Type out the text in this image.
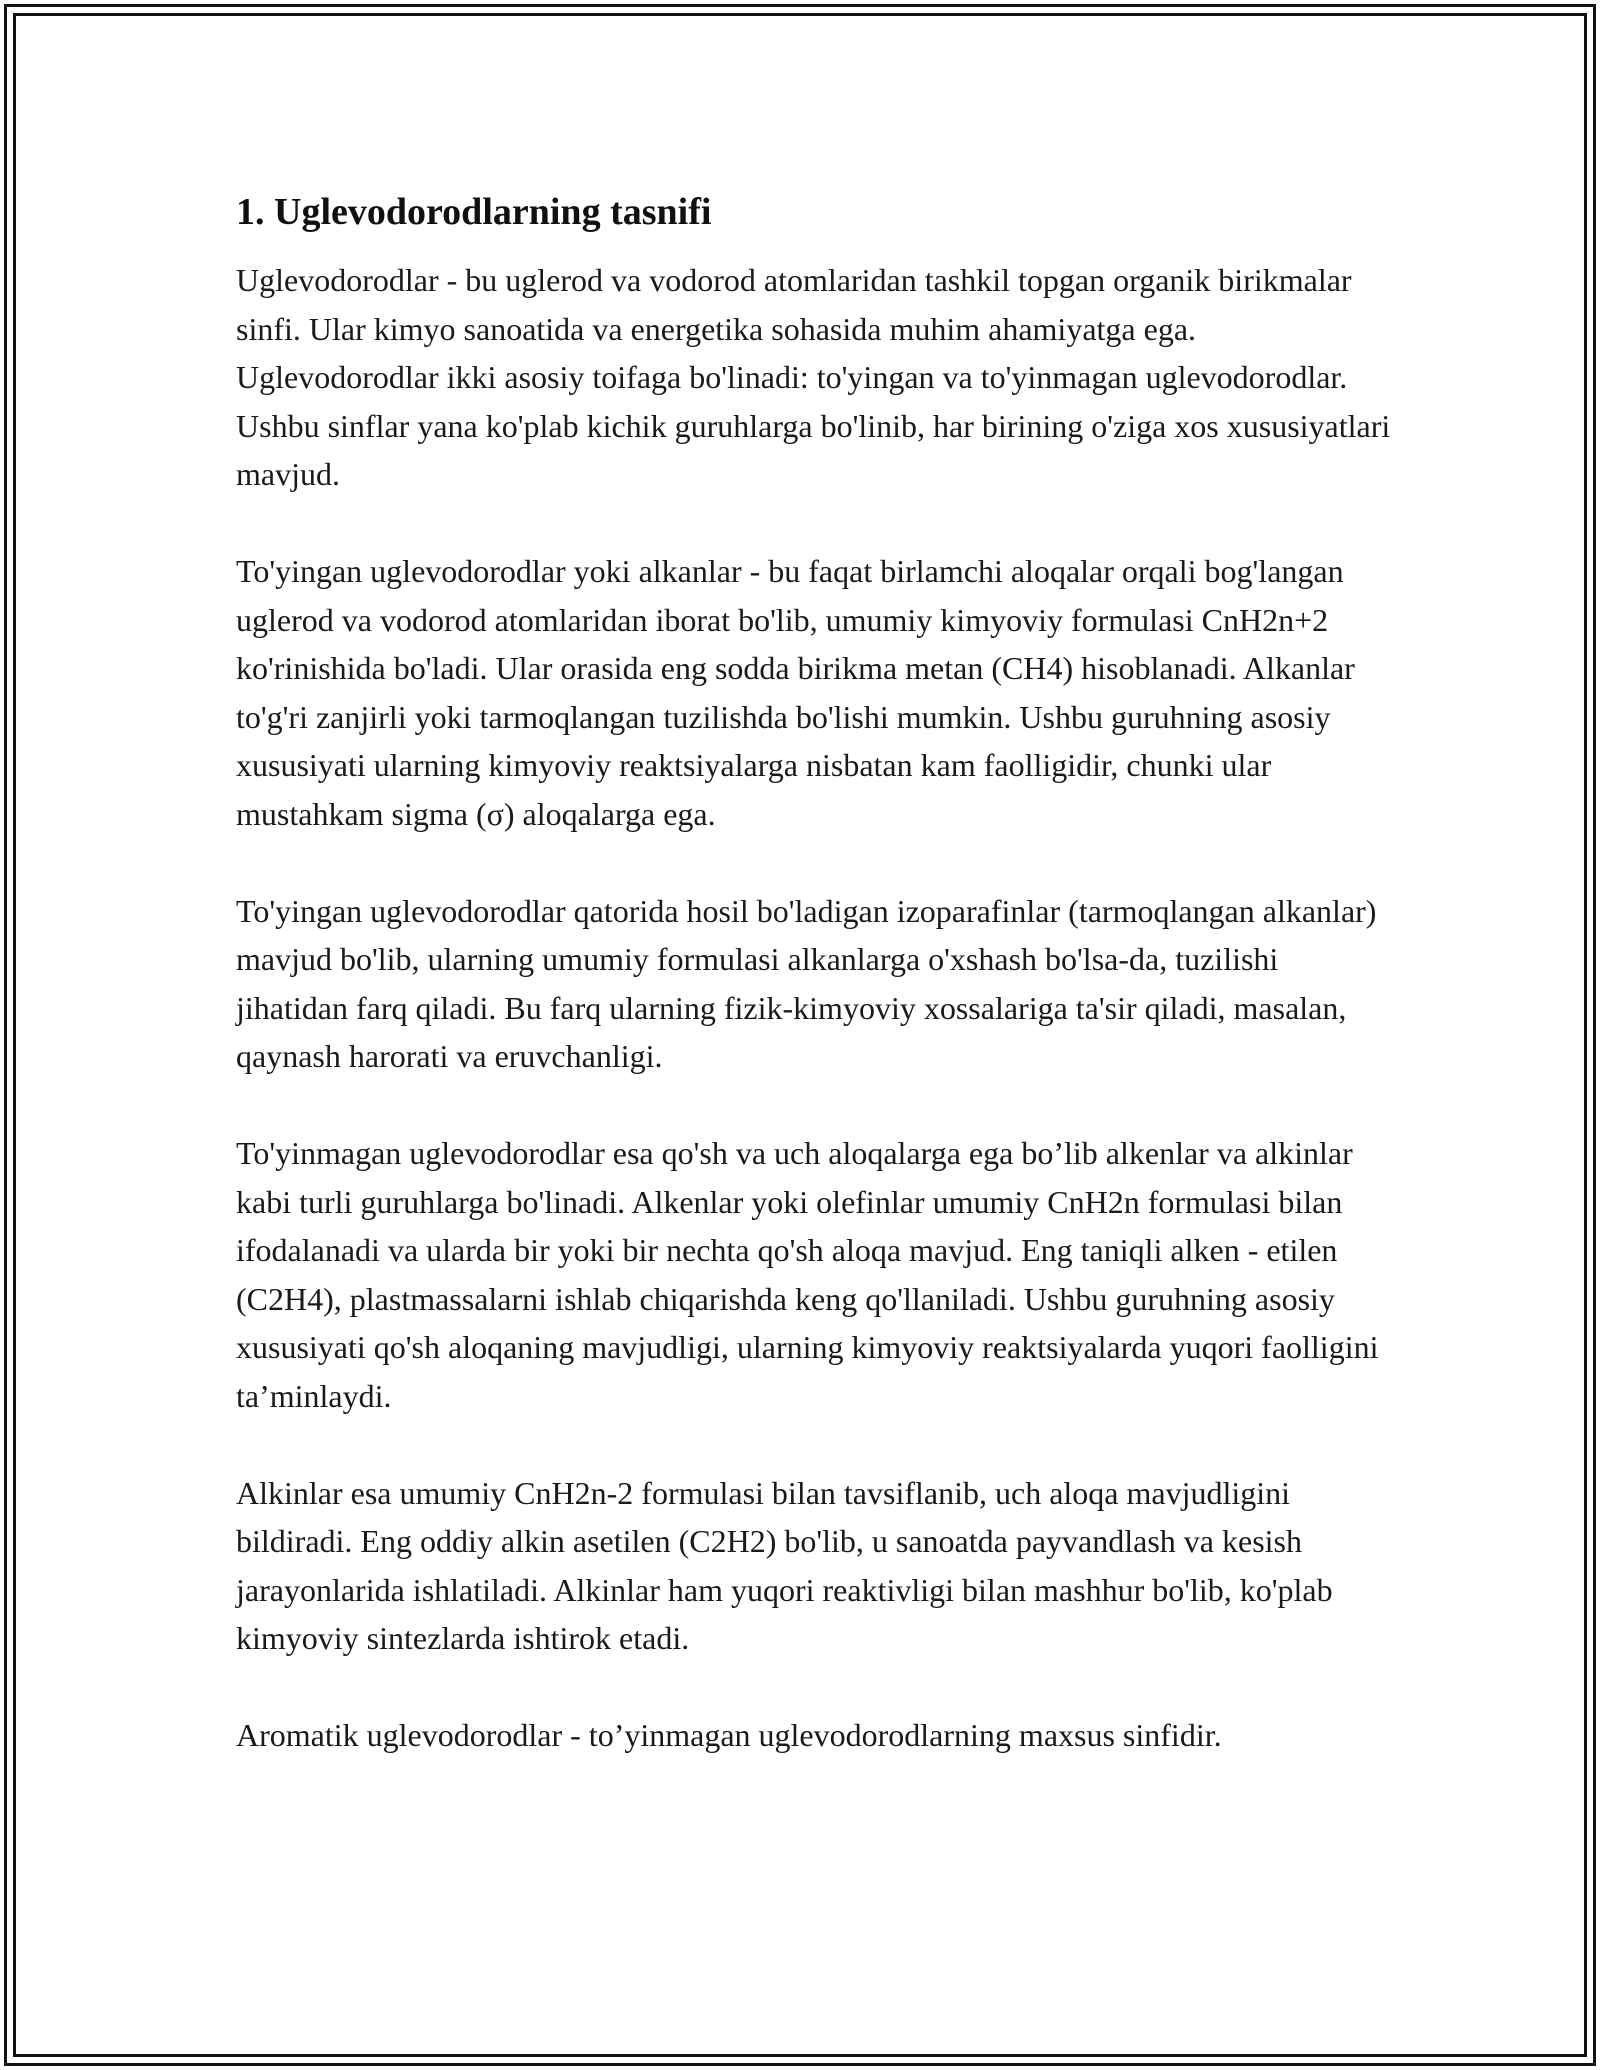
1. Uglevodorodlarning tasnifi

Uglevodorodlar - bu uglerod va vodorod atomlaridan tashkil topgan organik birikmalar sinfi. Ular kimyo sanoatida va energetika sohasida muhim ahamiyatga ega. Uglevodorodlar ikki asosiy toifaga bo'linadi: to'yingan va to'yinmagan uglevodorodlar. Ushbu sinflar yana ko'plab kichik guruhlarga bo'linib, har birining o'ziga xos xususiyatlari mavjud.

To'yingan uglevodorodlar yoki alkanlar - bu faqat birlamchi aloqalar orqali bog'langan uglerod va vodorod atomlaridan iborat bo'lib, umumiy kimyoviy formulasi CnH2n+2 ko'rinishida bo'ladi. Ular orasida eng sodda birikma metan (CH4) hisoblanadi. Alkanlar to'g'ri zanjirli yoki tarmoqlangan tuzilishda bo'lishi mumkin. Ushbu guruhning asosiy xususiyati ularning kimyoviy reaktsiyalarga nisbatan kam faolligidir, chunki ular mustahkam sigma (σ) aloqalarga ega.

To'yingan uglevodorodlar qatorida hosil bo'ladigan izoparafinlar (tarmoqlangan alkanlar) mavjud bo'lib, ularning umumiy formulasi alkanlarga o'xshash bo'lsa-da, tuzilishi jihatidan farq qiladi. Bu farq ularning fizik-kimyoviy xossalariga ta'sir qiladi, masalan, qaynash harorati va eruvchanligi.

To'yinmagan uglevodorodlar esa qo'sh va uch aloqalarga ega bo’lib alkenlar va alkinlar kabi turli guruhlarga bo'linadi. Alkenlar yoki olefinlar umumiy CnH2n formulasi bilan ifodalanadi va ularda bir yoki bir nechta qo'sh aloqa mavjud. Eng taniqli alken - etilen (C2H4), plastmassalarni ishlab chiqarishda keng qo'llaniladi. Ushbu guruhning asosiy xususiyati qo'sh aloqaning mavjudligi, ularning kimyoviy reaktsiyalarda yuqori faolligini ta’minlaydi.

Alkinlar esa umumiy CnH2n-2 formulasi bilan tavsiflanib, uch aloqa mavjudligini bildiradi. Eng oddiy alkin asetilen (C2H2) bo'lib, u sanoatda payvandlash va kesish jarayonlarida ishlatiladi. Alkinlar ham yuqori reaktivligi bilan mashhur bo'lib, ko'plab kimyoviy sintezlarda ishtirok etadi.

Aromatik uglevodorodlar - to’yinmagan uglevodorodlarning maxsus sinfidir.
